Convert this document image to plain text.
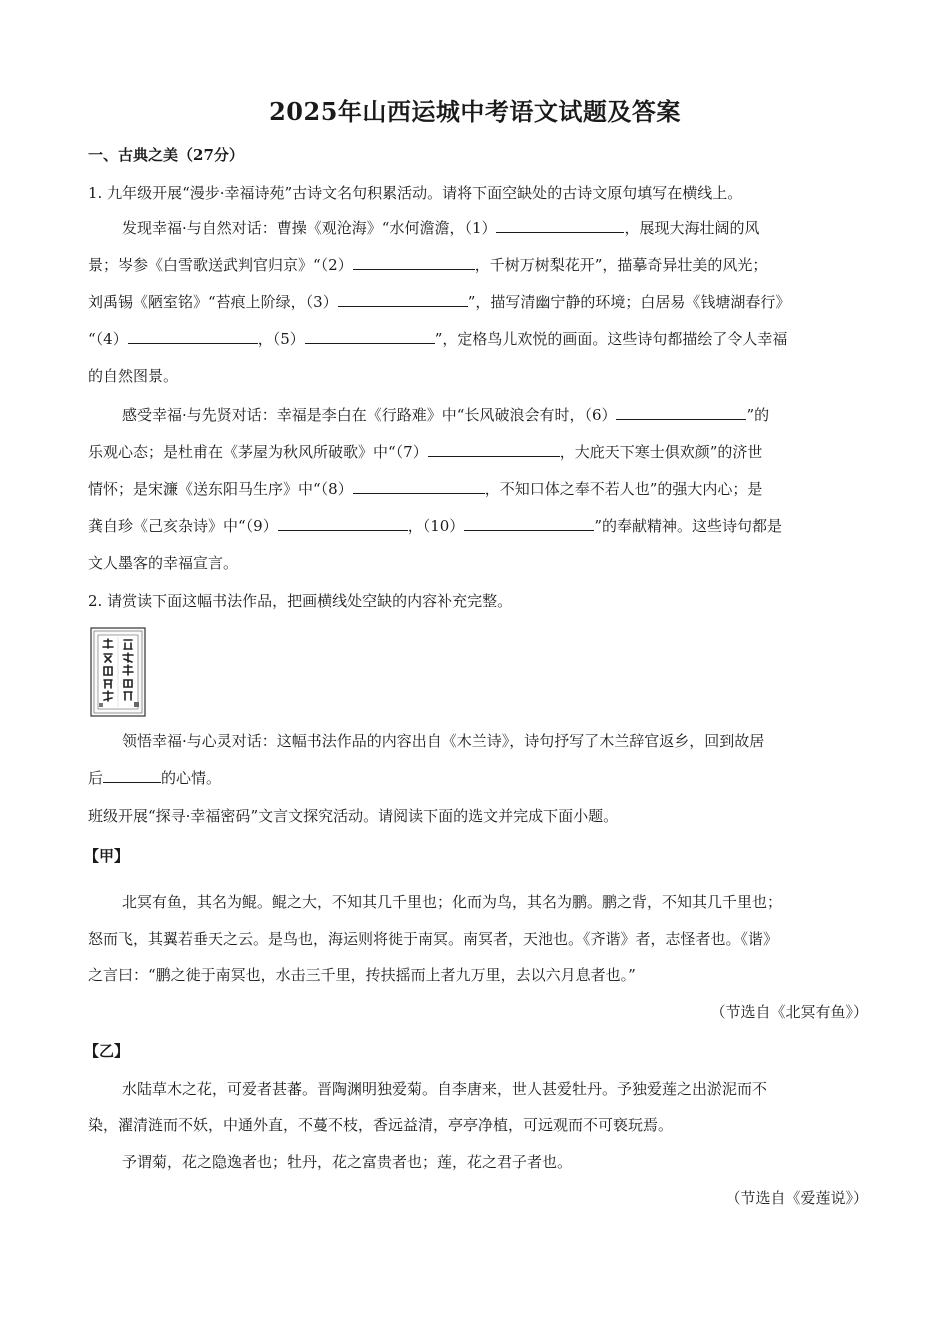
2025年山西运城中考语文试题及答案
一、古典之美（27分）
1. 九年级开展“漫步·幸福诗苑”古诗文名句积累活动。请将下面空缺处的古诗文原句填写在横线上。
发现幸福·与自然对话：曹操《观沧海》“水何澹澹，（1）	，展现大海壮阔的风
景；岑参《白雪歌送武判官归京》“（2）	，千树万树梨花开”，描摹奇异壮美的风光；
刘禹锡《陋室铭》“苔痕上阶绿，（3）	”，描写清幽宁静的环境；白居易《钱塘湖春行》
“（4）	，（5）	”，定格鸟儿欢悦的画面。这些诗句都描绘了令人幸福
的自然图景。
感受幸福·与先贤对话：幸福是李白在《行路难》中“长风破浪会有时，（6）	”的
乐观心态；是杜甫在《茅屋为秋风所破歌》中“（7）	，大庇天下寒士俱欢颜”的济世
情怀；是宋濂《送东阳马生序》中“（8）	，不知口体之奉不若人也”的强大内心；是
龚自珍《己亥杂诗》中“（9）	，（10）	”的奉献精神。这些诗句都是
文人墨客的幸福宣言。
2. 请赏读下面这幅书法作品，把画横线处空缺的内容补充完整。
领悟幸福·与心灵对话：这幅书法作品的内容出自《木兰诗》，诗句抒写了木兰辞官返乡，回到故居
后	的心情。
班级开展“探寻·幸福密码”文言文探究活动。请阅读下面的选文并完成下面小题。
【甲】
北冥有鱼，其名为鲲。鲲之大，不知其几千里也；化而为鸟，其名为鹏。鹏之背，不知其几千里也；
怒而飞，其翼若垂天之云。是鸟也，海运则将徙于南冥。南冥者，天池也。《齐谐》者，志怪者也。《谐》
之言曰：“鹏之徙于南冥也，水击三千里，抟扶摇而上者九万里，去以六月息者也。”
（节选自《北冥有鱼》）
【乙】
水陆草木之花，可爱者甚蕃。晋陶渊明独爱菊。自李唐来，世人甚爱牡丹。予独爱莲之出淤泥而不
染，濯清涟而不妖，中通外直，不蔓不枝，香远益清，亭亭净植，可远观而不可亵玩焉。
予谓菊，花之隐逸者也；牡丹，花之富贵者也；莲，花之君子者也。
（节选自《爱莲说》）
